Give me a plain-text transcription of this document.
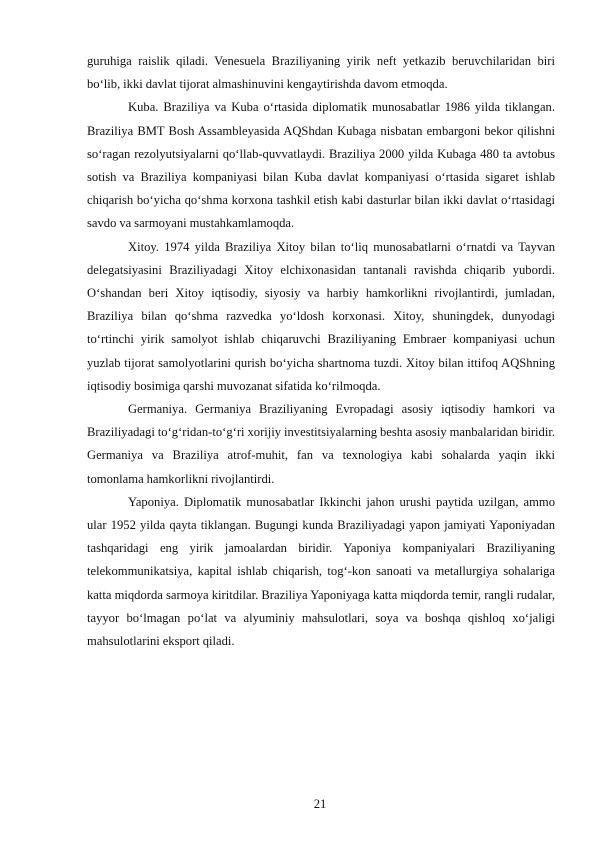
guruhiga raislik qiladi. Venesuela Braziliyaning yirik neft yetkazib beruvchilaridan biri bo‘lib, ikki davlat tijorat almashinuvini kengaytirishda davom etmoqda.

Kuba. Braziliya va Kuba o‘rtasida diplomatik munosabatlar 1986 yilda tiklangan. Braziliya BMT Bosh Assambleyasida AQShdan Kubaga nisbatan embargoni bekor qilishni so‘ragan rezolyutsiyalarni qo‘llab-quvvatlaydi. Braziliya 2000 yilda Kubaga 480 ta avtobus sotish va Braziliya kompaniyasi bilan Kuba davlat kompaniyasi o‘rtasida sigaret ishlab chiqarish bo‘yicha qo‘shma korxona tashkil etish kabi dasturlar bilan ikki davlat o‘rtasidagi savdo va sarmoyani mustahkamlamoqda.

Xitoy. 1974 yilda Braziliya Xitoy bilan to‘liq munosabatlarni o‘rnatdi va Tayvan delegatsiyasini Braziliyadagi Xitoy elchixonasidan tantanali ravishda chiqarib yubordi. O‘shandan beri Xitoy iqtisodiy, siyosiy va harbiy hamkorlikni rivojlantirdi, jumladan, Braziliya bilan qo‘shma razvedka yo‘ldosh korxonasi. Xitoy, shuningdek, dunyodagi to‘rtinchi yirik samolyot ishlab chiqaruvchi Braziliyaning Embraer kompaniyasi uchun yuzlab tijorat samolyotlarini qurish bo‘yicha shartnoma tuzdi. Xitoy bilan ittifoq AQShning iqtisodiy bosimiga qarshi muvozanat sifatida ko‘rilmoqda.

Germaniya. Germaniya Braziliyaning Evropadagi asosiy iqtisodiy hamkori va Braziliyadagi to‘g‘ridan-to‘g‘ri xorijiy investitsiyalarning beshta asosiy manbalaridan biridir. Germaniya va Braziliya atrof-muhit, fan va texnologiya kabi sohalarda yaqin ikki tomonlama hamkorlikni rivojlantirdi.

Yaponiya. Diplomatik munosabatlar Ikkinchi jahon urushi paytida uzilgan, ammo ular 1952 yilda qayta tiklangan. Bugungi kunda Braziliyadagi yapon jamiyati Yaponiyadan tashqaridagi eng yirik jamoalardan biridir. Yaponiya kompaniyalari Braziliyaning telekommunikatsiya, kapital ishlab chiqarish, tog‘-kon sanoati va metallurgiya sohalariga katta miqdorda sarmoya kiritdilar. Braziliya Yaponiyaga katta miqdorda temir, rangli rudalar, tayyor bo‘lmagan po‘lat va alyuminiy mahsulotlari, soya va boshqa qishloq xo‘jaligi mahsulotlarini eksport qiladi.

21
